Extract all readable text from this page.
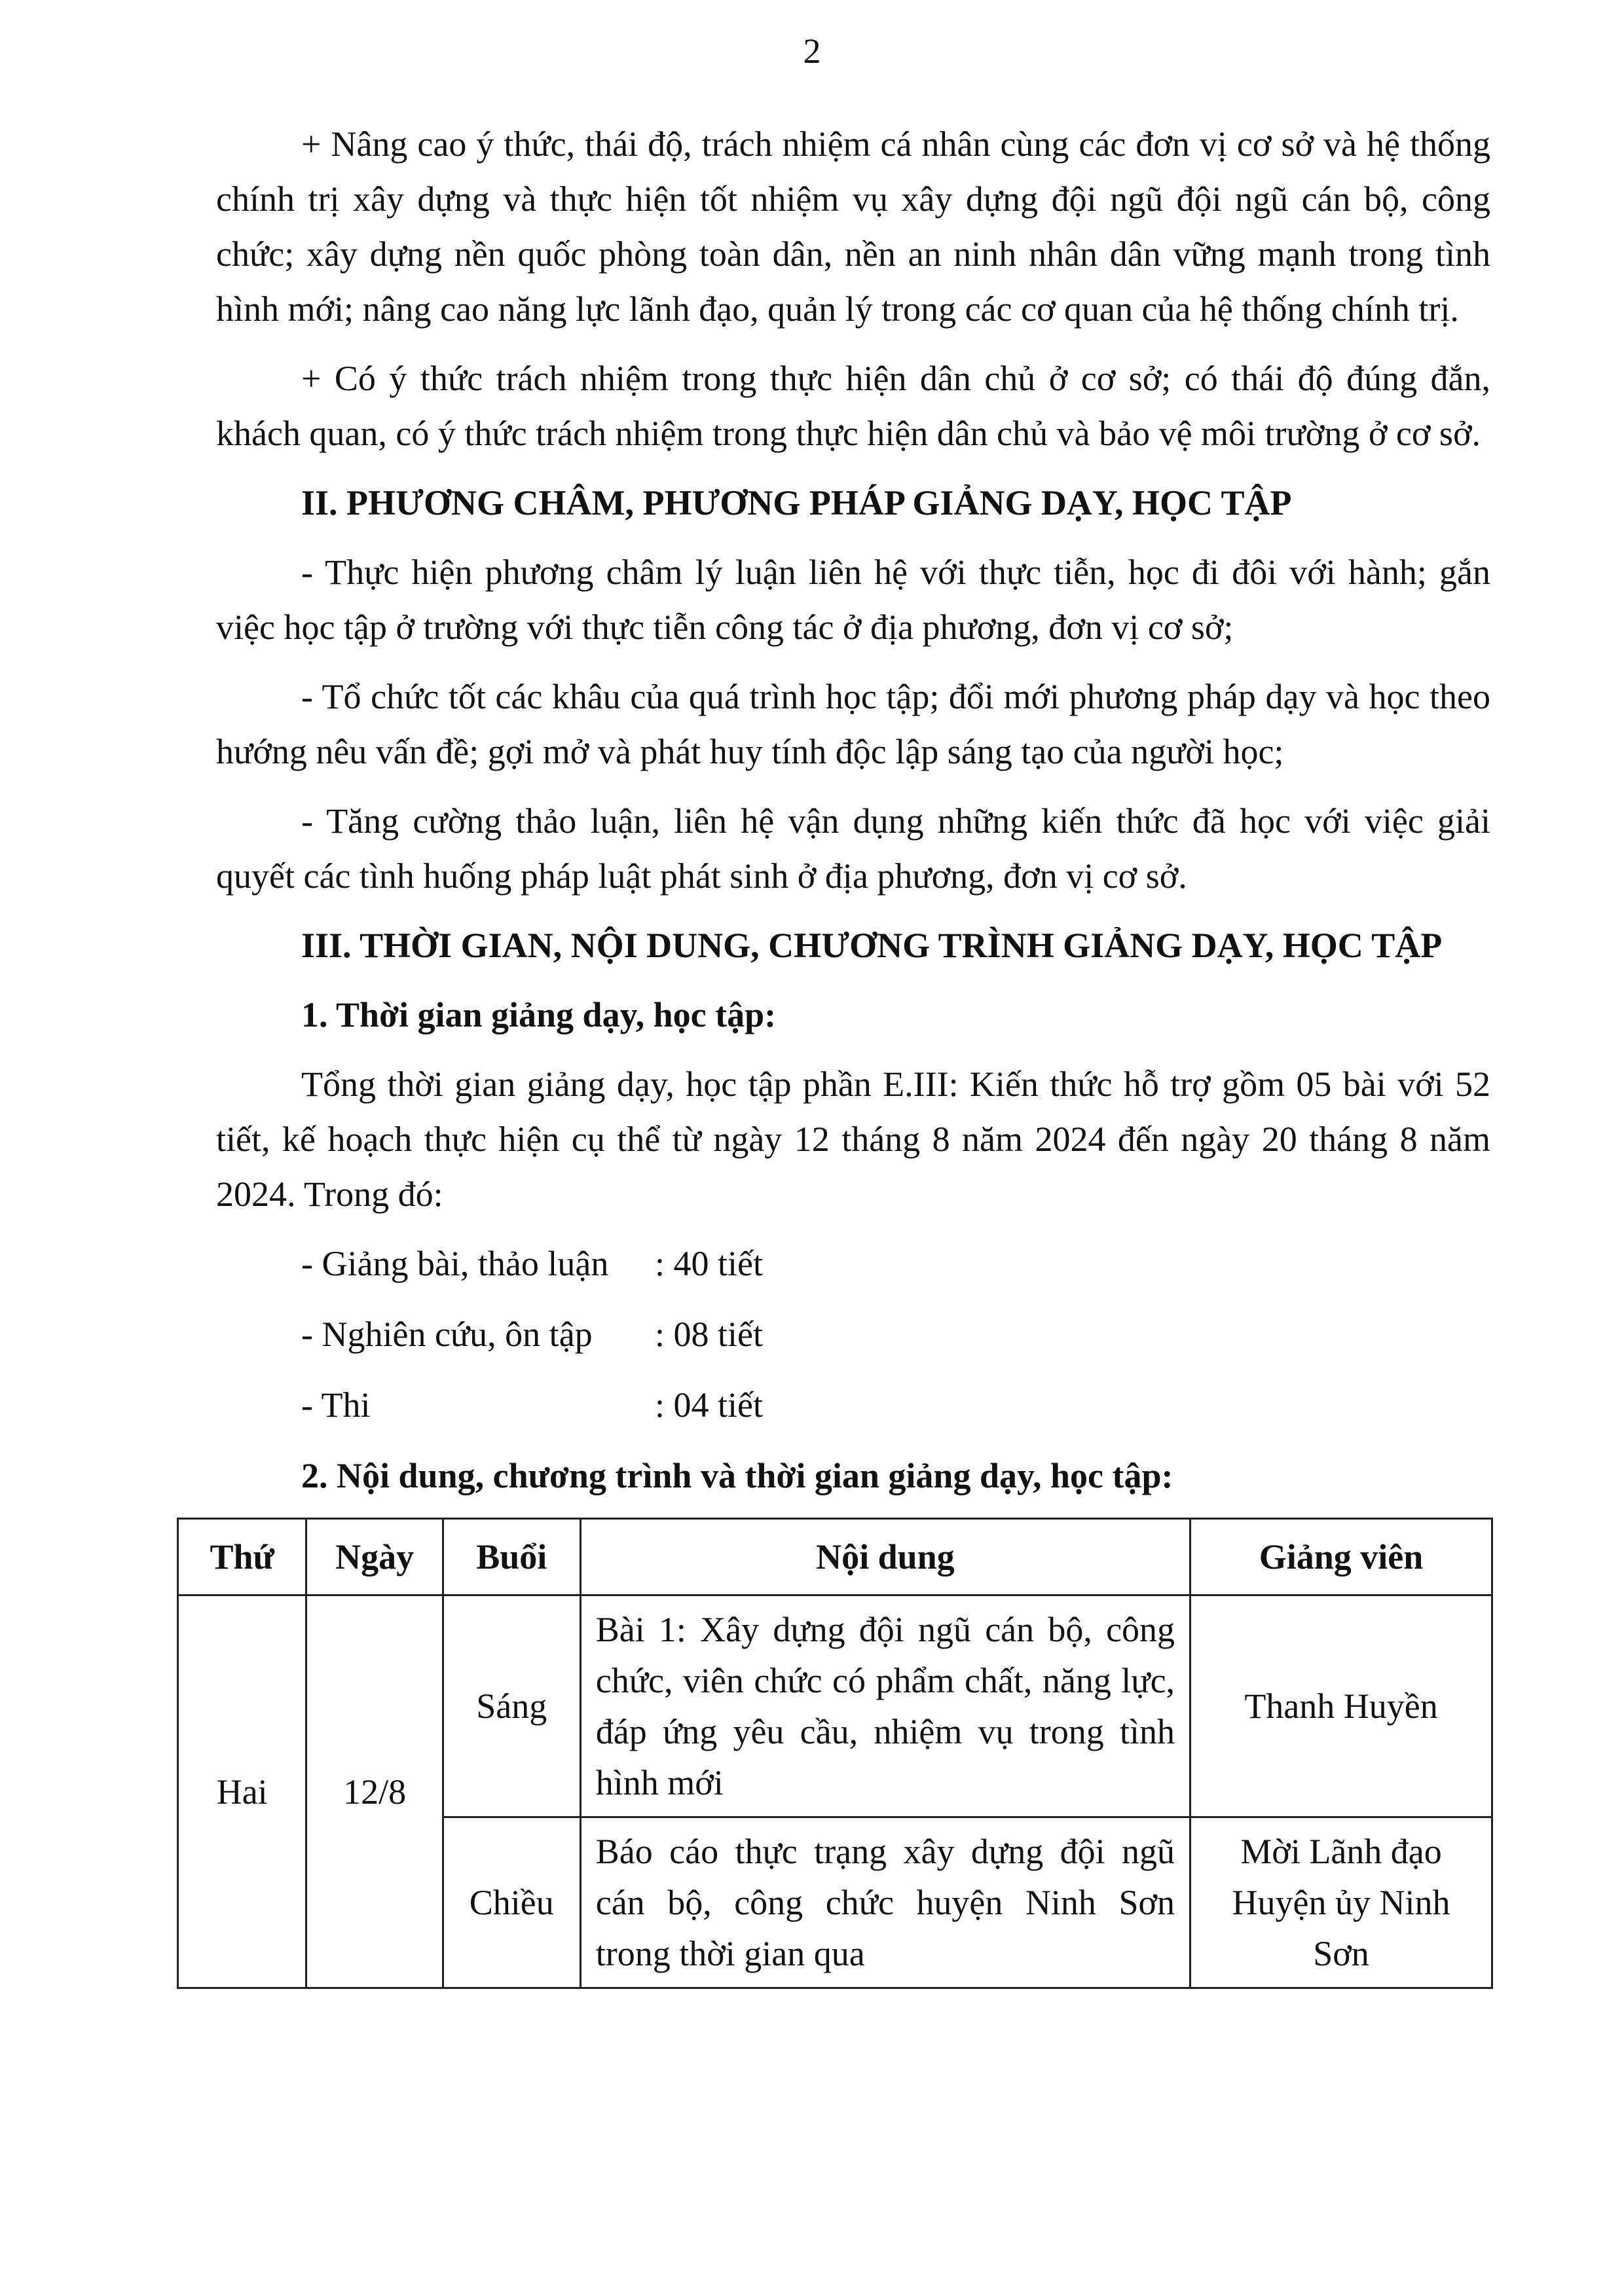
2

+ Nâng cao ý thức, thái độ, trách nhiệm cá nhân cùng các đơn vị cơ sở và hệ thống chính trị xây dựng và thực hiện tốt nhiệm vụ xây dựng đội ngũ đội ngũ cán bộ, công chức; xây dựng nền quốc phòng toàn dân, nền an ninh nhân dân vững mạnh trong tình hình mới; nâng cao năng lực lãnh đạo, quản lý trong các cơ quan của hệ thống chính trị.

+ Có ý thức trách nhiệm trong thực hiện dân chủ ở cơ sở; có thái độ đúng đắn, khách quan, có ý thức trách nhiệm trong thực hiện dân chủ và bảo vệ môi trường ở cơ sở.

II. PHƯƠNG CHÂM, PHƯƠNG PHÁP GIẢNG DẠY, HỌC TẬP

- Thực hiện phương châm lý luận liên hệ với thực tiễn, học đi đôi với hành; gắn việc học tập ở trường với thực tiễn công tác ở địa phương, đơn vị cơ sở;

- Tổ chức tốt các khâu của quá trình học tập; đổi mới phương pháp dạy và học theo hướng nêu vấn đề; gợi mở và phát huy tính độc lập sáng tạo của người học;

- Tăng cường thảo luận, liên hệ vận dụng những kiến thức đã học với việc giải quyết các tình huống pháp luật phát sinh ở địa phương, đơn vị cơ sở.

III. THỜI GIAN, NỘI DUNG, CHƯƠNG TRÌNH GIẢNG DẠY, HỌC TẬP

1. Thời gian giảng dạy, học tập:

Tổng thời gian giảng dạy, học tập phần E.III: Kiến thức hỗ trợ gồm 05 bài với 52 tiết, kế hoạch thực hiện cụ thể từ ngày 12 tháng 8 năm 2024 đến ngày 20 tháng 8 năm 2024. Trong đó:

- Giảng bài, thảo luận	: 40 tiết
- Nghiên cứu, ôn tập	: 08 tiết
- Thi	: 04 tiết

2. Nội dung, chương trình và thời gian giảng dạy, học tập:

Thứ	Ngày	Buổi	Nội dung	Giảng viên
Hai	12/8	Sáng	Bài 1: Xây dựng đội ngũ cán bộ, công chức, viên chức có phẩm chất, năng lực, đáp ứng yêu cầu, nhiệm vụ trong tình hình mới	Thanh Huyền
		Chiều	Báo cáo thực trạng xây dựng đội ngũ cán bộ, công chức huyện Ninh Sơn trong thời gian qua	Mời Lãnh đạo Huyện ủy Ninh Sơn
